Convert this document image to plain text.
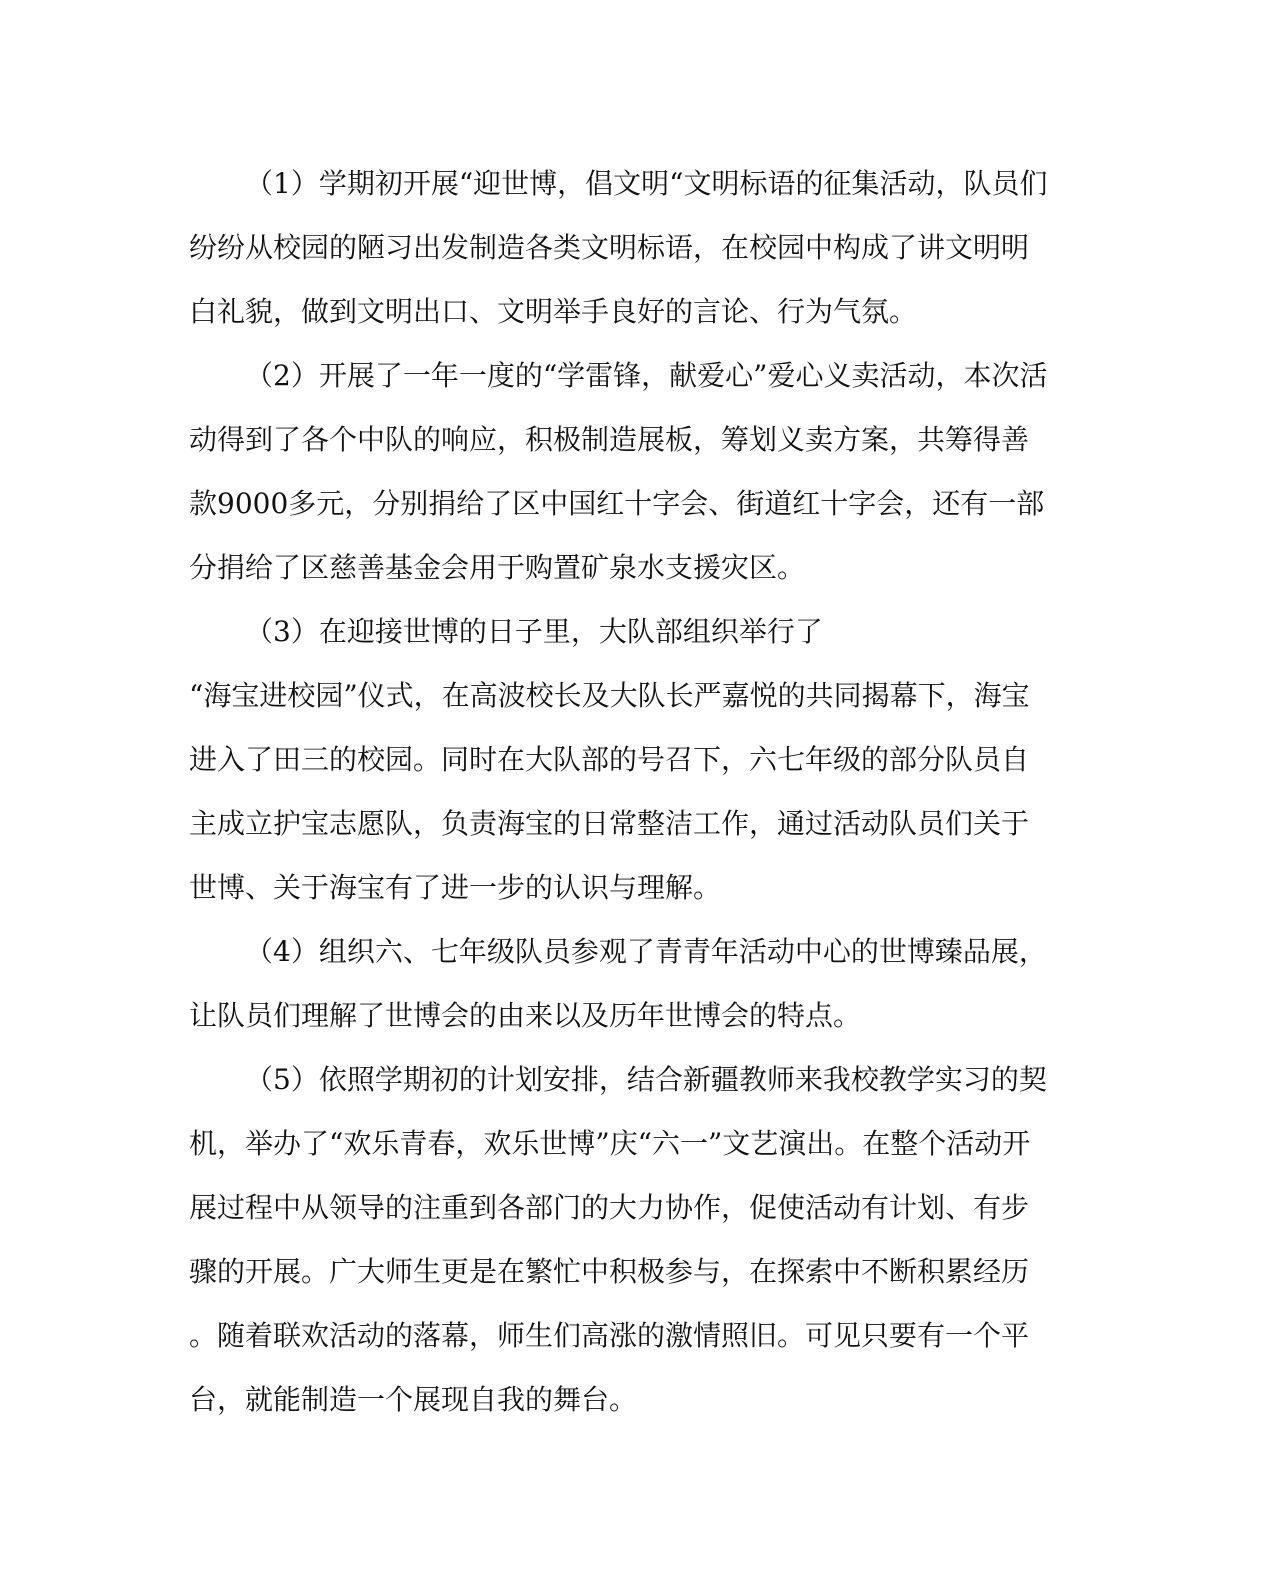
（1）学期初开展“迎世博，倡文明“文明标语的征集活动，队员们
纷纷从校园的陋习出发制造各类文明标语，在校园中构成了讲文明明
白礼貌，做到文明出口、文明举手良好的言论、行为气氛。
（2）开展了一年一度的“学雷锋，献爱心”爱心义卖活动，本次活
动得到了各个中队的响应，积极制造展板，筹划义卖方案，共筹得善
款9000多元，分别捐给了区中国红十字会、街道红十字会，还有一部
分捐给了区慈善基金会用于购置矿泉水支援灾区。
（3）在迎接世博的日子里，大队部组织举行了
“海宝进校园”仪式，在高波校长及大队长严嘉悦的共同揭幕下，海宝
进入了田三的校园。同时在大队部的号召下，六七年级的部分队员自
主成立护宝志愿队，负责海宝的日常整洁工作，通过活动队员们关于
世博、关于海宝有了进一步的认识与理解。
（4）组织六、七年级队员参观了青青年活动中心的世博臻品展，
让队员们理解了世博会的由来以及历年世博会的特点。
（5）依照学期初的计划安排，结合新疆教师来我校教学实习的契
机，举办了“欢乐青春，欢乐世博”庆“六一”文艺演出。在整个活动开
展过程中从领导的注重到各部门的大力协作，促使活动有计划、有步
骤的开展。广大师生更是在繁忙中积极参与，在探索中不断积累经历
。随着联欢活动的落幕，师生们高涨的激情照旧。可见只要有一个平
台，就能制造一个展现自我的舞台。
